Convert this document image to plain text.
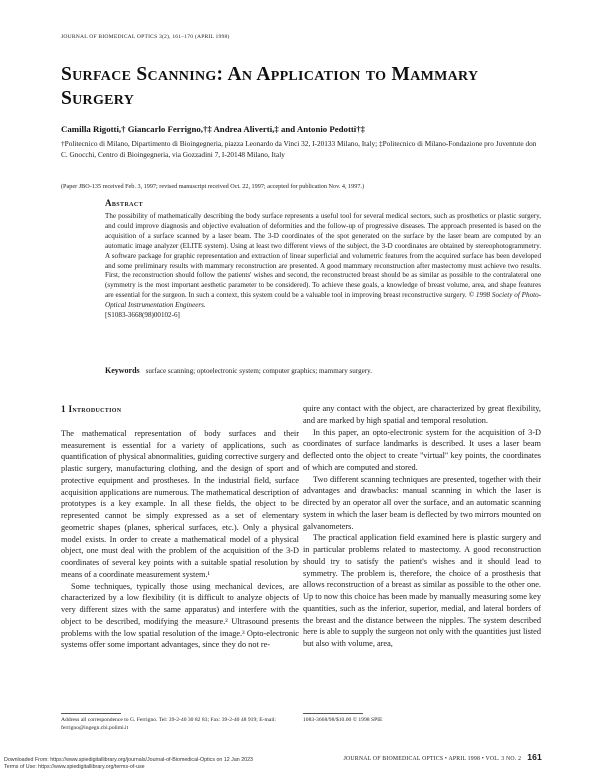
JOURNAL OF BIOMEDICAL OPTICS 3(2), 161–170 (APRIL 1998)
Surface Scanning: An Application to Mammary Surgery
Camilla Rigotti,† Giancarlo Ferrigno,†‡ Andrea Aliverti,‡ and Antonio Pedotti†‡
†Politecnico di Milano, Dipartimento di Bioingegneria, piazza Leonardo da Vinci 32, I-20133 Milano, Italy; ‡Politecnico di Milano-Fondazione pro Juventute don C. Gnocchi, Centro di Bioingegneria, via Gozzadini 7, I-20148 Milano, Italy
(Paper JBO-135 received Feb. 3, 1997; revised manuscript received Oct. 22, 1997; accepted for publication Nov. 4, 1997.)
Abstract
The possibility of mathematically describing the body surface represents a useful tool for several medical sectors, such as prosthetics or plastic surgery, and could improve diagnosis and objective evaluation of deformities and the follow-up of progressive diseases. The approach presented is based on the acquisition of a surface scanned by a laser beam. The 3-D coordinates of the spot generated on the surface by the laser beam are computed by an automatic image analyzer (ELITE system). Using at least two different views of the subject, the 3-D coordinates are obtained by stereophotogrammetry. A software package for graphic representation and extraction of linear superficial and volumetric features from the acquired surface has been developed and some preliminary results with mammary reconstruction are presented. A good mammary reconstruction after mastectomy must achieve two results. First, the reconstruction should follow the patients' wishes and second, the reconstructed breast should be as similar as possible to the contralateral one (symmetry is the most important aesthetic parameter to be considered). To achieve these goals, a knowledge of breast volume, area, and shape features are essential for the surgeon. In such a context, this system could be a valuable tool in improving breast reconstructive surgery. © 1998 Society of Photo-Optical Instrumentation Engineers.
[S1083-3668(98)00102-6]
Keywords surface scanning; optoelectronic system; computer graphics; mammary surgery.
1 Introduction

The mathematical representation of body surfaces and their measurement is essential for a variety of applications, such as quantification of physical abnormalities, guiding corrective surgery and plastic surgery, manufacturing clothing, and the design of sport and protective equipment and prostheses. In the industrial field, surface acquisition applications are numerous. The mathematical description of prototypes is a key example. In all these fields, the object to be represented cannot be simply expressed as a set of elementary geometric shapes (planes, spherical surfaces, etc.). Only a physical model exists. In order to create a mathematical model of a physical object, one must deal with the problem of the acquisition of the 3-D coordinates of several key points with a suitable spatial resolution by means of a coordinate measurement system.¹

Some techniques, typically those using mechanical devices, are characterized by a low flexibility (it is difficult to analyze objects of very different sizes with the same apparatus) and interfere with the object to be described, modifying the measure.² Ultrasound presents problems with the low spatial resolution of the image.³ Opto-electronic systems offer some important advantages, since they do not re-

quire any contact with the object, are characterized by great flexibility, and are marked by high spatial and temporal resolution.

In this paper, an opto-electronic system for the acquisition of 3-D coordinates of surface landmarks is described. It uses a laser beam deflected onto the object to create ''virtual'' key points, the coordinates of which are computed and stored.

Two different scanning techniques are presented, together with their advantages and drawbacks: manual scanning in which the laser is directed by an operator all over the surface, and an automatic scanning system in which the laser beam is deflected by two mirrors mounted on galvanometers.

The practical application field examined here is plastic surgery and in particular problems related to mastectomy. A good reconstruction should try to satisfy the patient's wishes and it should lead to symmetry. The problem is, therefore, the choice of a prosthesis that allows reconstruction of a breast as similar as possible to the other one. Up to now this choice has been made by manually measuring some key quantities, such as the inferior, superior, medial, and lateral borders of the breast and the distance between the nipples. The system described here is able to supply the surgeon not only with the quantities just listed but also with volume, area,

Address all correspondence to G. Ferrigno. Tel: 39-2-40 30 82 83; Fax: 39-2-40 48 919; E-mail: ferrigno@ingegn.cbi.polimi.it
1083-3668/98/$10.00 © 1998 SPIE
JOURNAL OF BIOMEDICAL OPTICS • APRIL 1998 • VOL. 3 NO. 2 161
Downloaded From: https://www.spiedigitallibrary.org/journals/Journal-of-Biomedical-Optics on 12 Jan 2023
Terms of Use: https://www.spiedigitallibrary.org/terms-of-use
